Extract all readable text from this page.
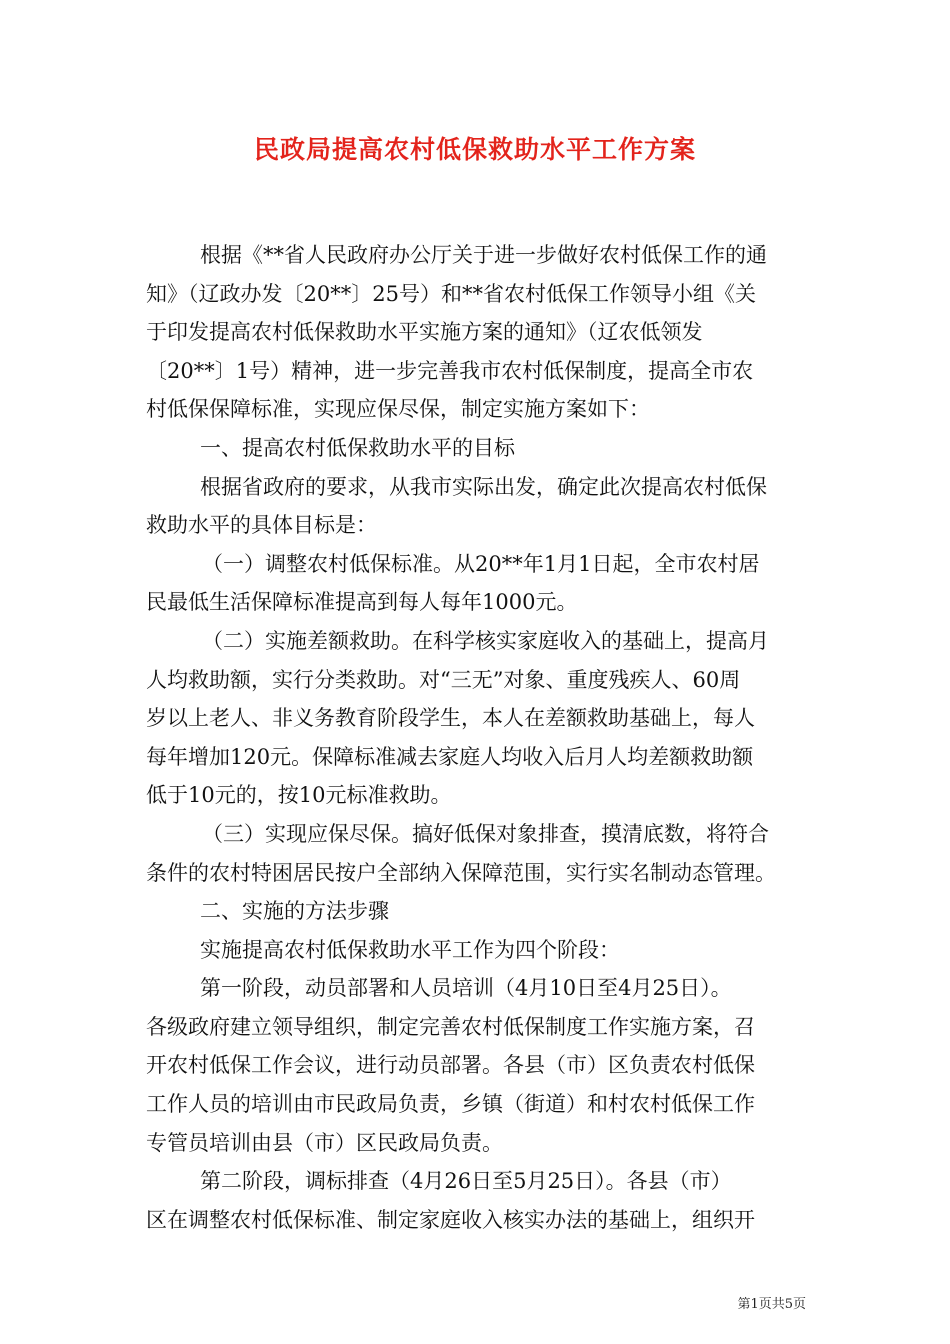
民政局提高农村低保救助水平工作方案
根据《**省人民政府办公厅关于进一步做好农村低保工作的通
知》（辽政办发〔20**〕25号）和**省农村低保工作领导小组《关
于印发提高农村低保救助水平实施方案的通知》（辽农低领发
〔20**〕1号）精神，进一步完善我市农村低保制度，提高全市农
村低保保障标准，实现应保尽保，制定实施方案如下：
一、提高农村低保救助水平的目标
根据省政府的要求，从我市实际出发，确定此次提高农村低保
救助水平的具体目标是：
（一）调整农村低保标准。从20**年1月1日起，全市农村居
民最低生活保障标准提高到每人每年1000元。
（二）实施差额救助。在科学核实家庭收入的基础上，提高月
人均救助额，实行分类救助。对“三无”对象、重度残疾人、60周
岁以上老人、非义务教育阶段学生，本人在差额救助基础上，每人
每年增加120元。保障标准减去家庭人均收入后月人均差额救助额
低于10元的，按10元标准救助。
（三）实现应保尽保。搞好低保对象排查，摸清底数，将符合
条件的农村特困居民按户全部纳入保障范围，实行实名制动态管理。
二、实施的方法步骤
实施提高农村低保救助水平工作为四个阶段：
第一阶段，动员部署和人员培训（4月10日至4月25日）。
各级政府建立领导组织，制定完善农村低保制度工作实施方案，召
开农村低保工作会议，进行动员部署。各县（市）区负责农村低保
工作人员的培训由市民政局负责，乡镇（街道）和村农村低保工作
专管员培训由县（市）区民政局负责。
第二阶段，调标排查（4月26日至5月25日）。各县（市）
区在调整农村低保标准、制定家庭收入核实办法的基础上，组织开
第1页共5页
